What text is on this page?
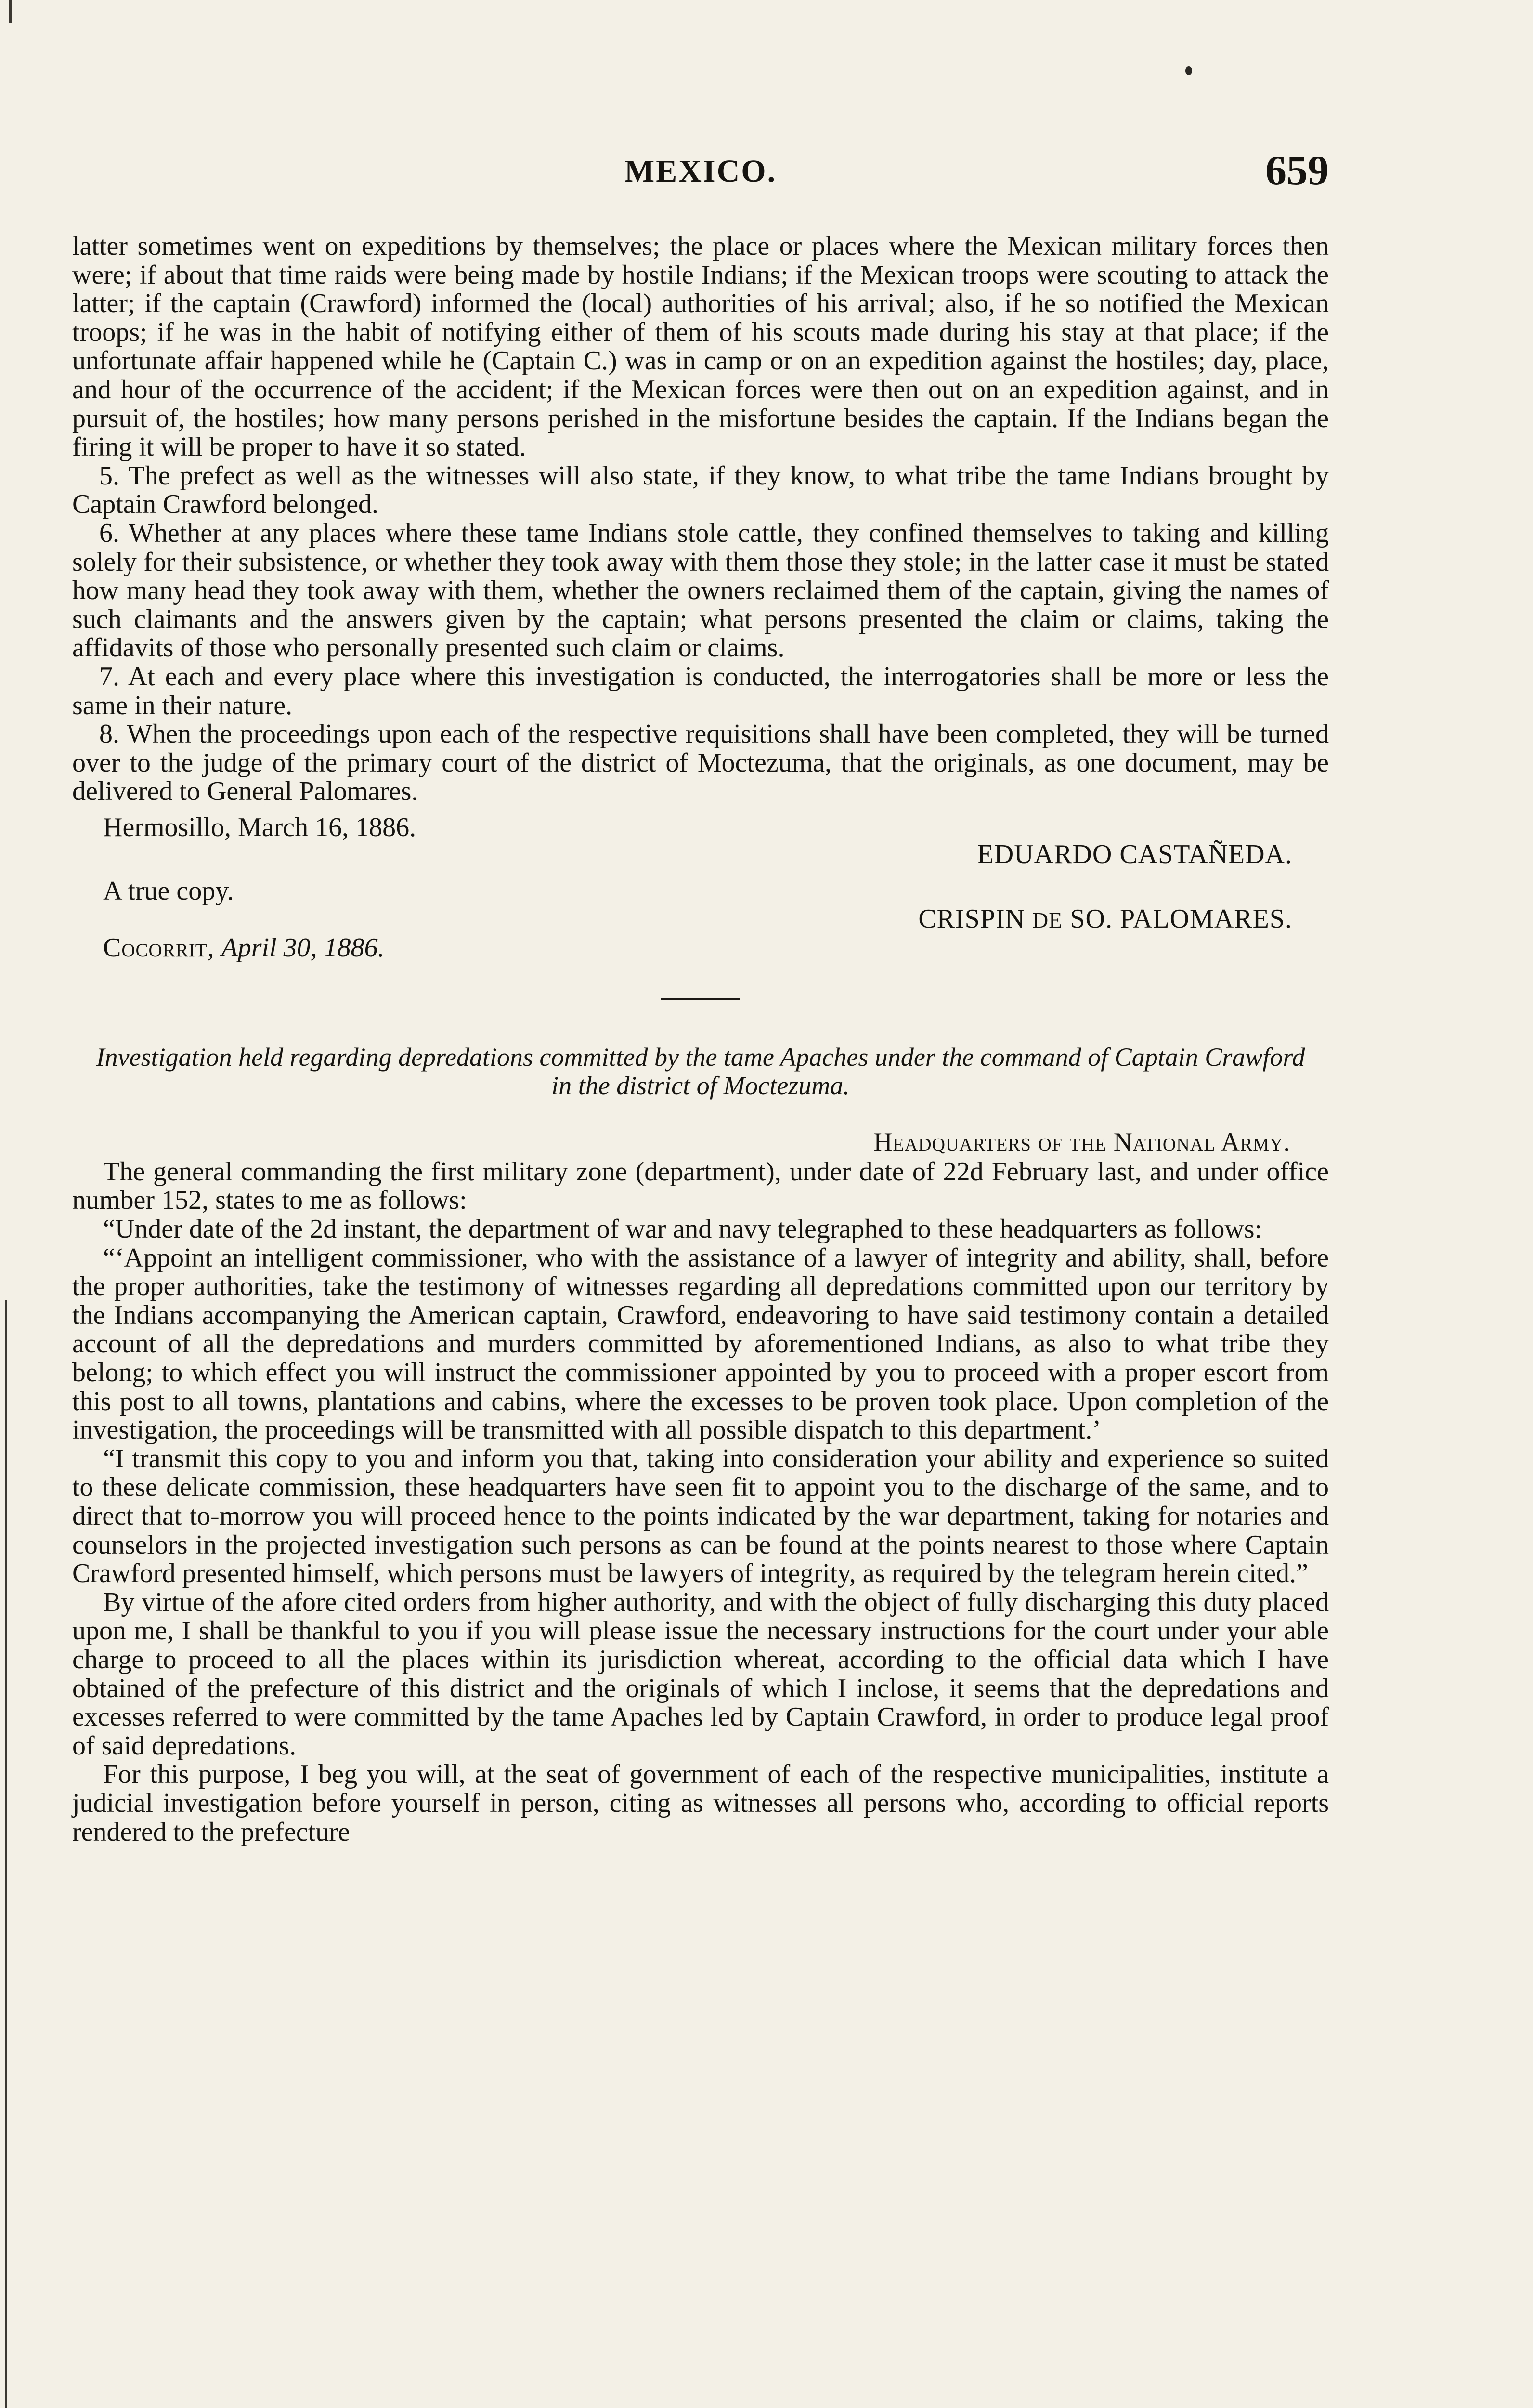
MEXICO.	659

latter sometimes went on expeditions by themselves; the place or places where the Mexican military forces then were; if about that time raids were being made by hostile Indians; if the Mexican troops were scouting to attack the latter; if the captain (Crawford) informed the (local) authorities of his arrival; also, if he so notified the Mexican troops; if he was in the habit of notifying either of them of his scouts made during his stay at that place; if the unfortunate affair happened while he (Captain C.) was in camp or on an expedition against the hostiles; day, place, and hour of the occurrence of the accident; if the Mexican forces were then out on an expedition against, and in pursuit of, the hostiles; how many persons perished in the misfortune besides the captain. If the Indians began the firing it will be proper to have it so stated.

5. The prefect as well as the witnesses will also state, if they know, to what tribe the tame Indians brought by Captain Crawford belonged.

6. Whether at any places where these tame Indians stole cattle, they confined themselves to taking and killing solely for their subsistence, or whether they took away with them those they stole; in the latter case it must be stated how many head they took away with them, whether the owners reclaimed them of the captain, giving the names of such claimants and the answers given by the captain; what persons presented the claim or claims, taking the affidavits of those who personally presented such claim or claims.

7. At each and every place where this investigation is conducted, the interrogatories shall be more or less the same in their nature.

8. When the proceedings upon each of the respective requisitions shall have been completed, they will be turned over to the judge of the primary court of the district of Moctezuma, that the originals, as one document, may be delivered to General Palomares.

Hermosillo, March 16, 1886.
EDUARDO CASTAÑEDA.
A true copy.
CRISPIN DE SO. PALOMARES.
Cocorrit, April 30, 1886.
Investigation held regarding depredations committed by the tame Apaches under the command of Captain Crawford in the district of Moctezuma.
Headquarters of the National Army.

The general commanding the first military zone (department), under date of 22d February last, and under office number 152, states to me as follows:

“Under date of the 2d instant, the department of war and navy telegraphed to these headquarters as follows:

“‘Appoint an intelligent commissioner, who with the assistance of a lawyer of integrity and ability, shall, before the proper authorities, take the testimony of witnesses regarding all depredations committed upon our territory by the Indians accompanying the American captain, Crawford, endeavoring to have said testimony contain a detailed account of all the depredations and murders committed by aforementioned Indians, as also to what tribe they belong; to which effect you will instruct the commissioner appointed by you to proceed with a proper escort from this post to all towns, plantations and cabins, where the excesses to be proven took place. Upon completion of the investigation, the proceedings will be transmitted with all possible dispatch to this department.’

“I transmit this copy to you and inform you that, taking into consideration your ability and experience so suited to these delicate commission, these headquarters have seen fit to appoint you to the discharge of the same, and to direct that to-morrow you will proceed hence to the points indicated by the war department, taking for notaries and counselors in the projected investigation such persons as can be found at the points nearest to those where Captain Crawford presented himself, which persons must be lawyers of integrity, as required by the telegram herein cited.”

By virtue of the afore cited orders from higher authority, and with the object of fully discharging this duty placed upon me, I shall be thankful to you if you will please issue the necessary instructions for the court under your able charge to proceed to all the places within its jurisdiction whereat, according to the official data which I have obtained of the prefecture of this district and the originals of which I inclose, it seems that the depredations and excesses referred to were committed by the tame Apaches led by Captain Crawford, in order to produce legal proof of said depredations.

For this purpose, I beg you will, at the seat of government of each of the respective municipalities, institute a judicial investigation before yourself in person, citing as witnesses all persons who, according to official reports rendered to the prefecture
